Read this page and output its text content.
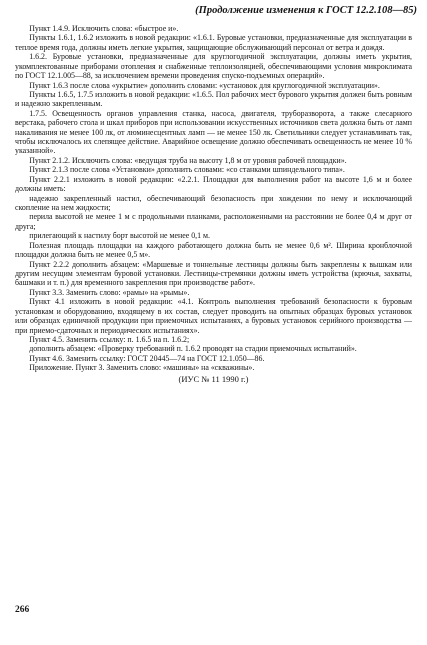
(Продолжение изменения к ГОСТ 12.2.108—85)

Пункт 1.4.9. Исключить слова: «быстрое и».

Пункты 1.6.1, 1.6.2 изложить в новой редакции: «1.6.1. Буровые установки, предназначенные для эксплуатации в теплое время года, должны иметь легкие укрытия, защищающие обслуживающий персонал от ветра и дождя.

1.6.2. Буровые установки, предназначенные для круглогодичной эксплуатации, должны иметь укрытия, укомплектованные приборами отопления и снабженные теплоизоляцией, обеспечивающими условия микроклимата по ГОСТ 12.1.005—88, за исключением времени проведения спуско-подъемных операций».

Пункт 1.6.3 после слова «укрытие» дополнить словами: «установок для круглогодичной эксплуатации».

Пункты 1.6.5, 1.7.5 изложить в новой редакции: «1.6.5. Пол рабочих мест бурового укрытия должен быть ровным и надежно закрепленным.

1.7.5. Освещенность органов управления станка, насоса, двигателя, труборазворота, а также слесарного верстака, рабочего стола и шкал приборов при использовании искусственных источников света должна быть от ламп накаливания не менее 100 лк, от люминесцентных ламп — не менее 150 лк. Светильники следует устанавливать так, чтобы исключалось их слепящее действие. Аварийное освещение должно обеспечивать освещенность не менее 10 % указанной».

Пункт 2.1.2. Исключить слова: «ведущая труба на высоту 1,8 м от уровня рабочей площадки».

Пункт 2.1.3 после слова «Установки» дополнить словами: «со станками шпиндельного типа».

Пункт 2.2.1 изложить в новой редакции: «2.2.1. Площадки для выполнения работ на высоте 1,6 м и более должны иметь:

надежно закрепленный настил, обеспечивающий безопасность при хождении по нему и исключающий скопление на нем жидкости;

перила высотой не менее 1 м с продольными планками, расположенными на расстоянии не более 0,4 м друг от друга;

прилегающий к настилу борт высотой не менее 0,1 м.

Полезная площадь площадки на каждого работающего должна быть не менее 0,6 м². Ширина кронблочной площадки должна быть не менее 0,5 м».

Пункт 2.2.2 дополнить абзацем: «Маршевые и тоннельные лестницы должны быть закреплены к вышкам или другим несущим элементам буровой установки. Лестницы-стремянки должны иметь устройства (крючья, захваты, башмаки и т. п.) для временного закрепления при производстве работ».

Пункт 3.3. Заменить слово: «рамы» на «рымы».

Пункт 4.1 изложить в новой редакции: «4.1. Контроль выполнения требований безопасности к буровым установкам и оборудованию, входящему в их состав, следует проводить на опытных образцах буровых установок или образцах единичной продукции при приемочных испытаниях, а буровых установок серийного производства — при приемо-сдаточных и периодических испытаниях».

Пункт 4.5. Заменить ссылку: п. 1.6.5 на п. 1.6.2;

дополнить абзацем: «Проверку требований п. 1.6.2 проводят на стадии приемочных испытаний».

Пункт 4.6. Заменить ссылку: ГОСТ 20445—74 на ГОСТ 12.1.050—86.

Приложение. Пункт 3. Заменить слово: «машины» на «скважины».

(ИУС № 11 1990 г.)

266
